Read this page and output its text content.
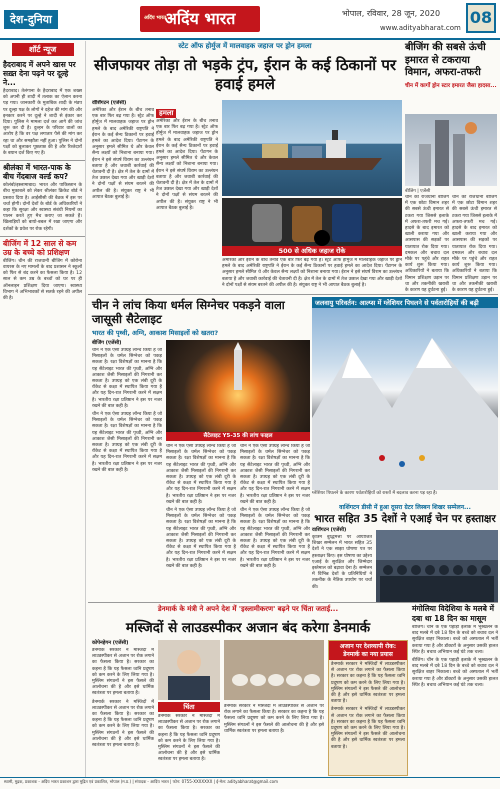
देश-दुनिया	अदिंय भारत
अदिंय भारत	भोपाल, रविवार, 28 जून, 2020
www.adityabharat.com
08
शॉर्ट न्यूज
हैदराबाद में अपने खास पर सख़्त देना पढ़ने पर दूल्हे ने...

हैदराबाद। तेलंगाना के हैदराबाद में एक शख्स को अपनी ही शादी में तलाक का ऐलान करना पड़ गया। जानकारी के मुताबिक शादी के मंडप पर दूल्हा पक्ष के लोगों ने दहेज की मांग की और इनकार करने पर दूल्हे ने शादी से इंकार कर दिया। पुलिस ने मामला दर्ज कर आगे की जांच शुरू कर दी है। दुल्हन के परिवार वालों का आरोप है कि वर पक्ष लगातार पैसे की मांग कर रहा था और समझौता नहीं हुआ। पुलिस ने दोनों पक्षों को बुलाकर पूछताछ की है और रिश्तेदारों के बयान दर्ज किए गए हैं।

श्रीलंका में भारत-पाक के बीच गेंदबाज वर्ल्ड कप?

कोलंबो/इस्लामाबाद। भारत और पाकिस्तान के बीच मुकाबले को लेकर श्रीलंका क्रिकेट बोर्ड ने प्रस्ताव दिया है। आईसीसी की बैठक में इस पर चर्चा होगी। दोनों देशों के बोर्ड के अधिकारियों ने कहा कि सुरक्षा और स्वास्थ्य संबंधी नियमों का पालन करते हुए मैच कराए जा सकते हैं। खिलाड़ियों को बायो-बबल में रखा जाएगा और दर्शकों के प्रवेश पर रोक रहेगी।

बीजिंग में 12 साल से कम उम्र के बच्चे को प्रशिक्षण

बीजिंग। चीन की राजधानी बीजिंग में कोरोना वायरस के नए मामलों के बाद प्रशासन ने स्कूलों को फिर से बंद करने का फैसला किया है। 12 साल से कम उम्र के बच्चों को घर पर ही ऑनलाइन प्रशिक्षण दिया जाएगा। स्वास्थ्य विभाग ने अभिभावकों से सतर्क रहने की अपील की है।

स्टेट ऑफ होर्मुज में मालवाहक जहाज पर ड्रोन हमला
सीजफायर तोड़ा तो भड़के ट्रंप, ईरान के कई ठिकानों पर हवाई हमले
वॉशिंगटन (एजेंसी)

अमेरिका और ईरान के बीच तनाव एक बार फिर बढ़ गया है। स्ट्रेट ऑफ होर्मुज में मालवाहक जहाज पर ड्रोन हमले के बाद अमेरिकी राष्ट्रपति ने ईरान के कई सैन्य ठिकानों पर हवाई हमले का आदेश दिया। पेंटागन के अनुसार हमले सीमित थे और केवल सैन्य लक्ष्यों को निशाना बनाया गया। ईरान ने इसे संघर्ष विराम का उल्लंघन बताया है और जवाबी कार्रवाई की चेतावनी दी है। क्षेत्र में तेल के दामों में तेज उछाल देखा गया और खाड़ी देशों ने दोनों पक्षों से संयम बरतने की अपील की है। संयुक्त राष्ट्र ने भी आपात बैठक बुलाई है।

हमला

अमेरिका और ईरान के बीच तनाव एक बार फिर बढ़ गया है। स्ट्रेट ऑफ होर्मुज में मालवाहक जहाज पर ड्रोन हमले के बाद अमेरिकी राष्ट्रपति ने ईरान के कई सैन्य ठिकानों पर हवाई हमले का आदेश दिया। पेंटागन के अनुसार हमले सीमित थे और केवल सैन्य लक्ष्यों को निशाना बनाया गया। ईरान ने इसे संघर्ष विराम का उल्लंघन बताया है और जवाबी कार्रवाई की चेतावनी दी है। क्षेत्र में तेल के दामों में तेज उछाल देखा गया और खाड़ी देशों ने दोनों पक्षों से संयम बरतने की अपील की है। संयुक्त राष्ट्र ने भी आपात बैठक बुलाई है।

500 से अधिक जहाज रोके

अमेरिका और ईरान के बीच तनाव एक बार फिर बढ़ गया है। स्ट्रेट ऑफ होर्मुज में मालवाहक जहाज पर ड्रोन हमले के बाद अमेरिकी राष्ट्रपति ने ईरान के कई सैन्य ठिकानों पर हवाई हमले का आदेश दिया। पेंटागन के अनुसार हमले सीमित थे और केवल सैन्य लक्ष्यों को निशाना बनाया गया। ईरान ने इसे संघर्ष विराम का उल्लंघन बताया है और जवाबी कार्रवाई की चेतावनी दी है। क्षेत्र में तेल के दामों में तेज उछाल देखा गया और खाड़ी देशों ने दोनों पक्षों से संयम बरतने की अपील की है। संयुक्त राष्ट्र ने भी आपात बैठक बुलाई है।

बीजिंग की सबसे ऊंची इमारत से टकराया विमान, अफरा-तफरी
चीन में कार्गो ड्रोन स्टार इमारत जैसा हादसा...
बीजिंग | एजेंसी

चीन की राजधानी बीजिंग में एक छोटा विमान शहर की सबसे ऊंची इमारत से टकरा गया जिससे इलाके में अफरा-तफरी मच गई। हादसे के बाद इमारत को खाली कराया गया और आसपास की सड़कों पर यातायात रोक दिया गया। दमकल और बचाव दल मौके पर पहुंचे और राहत कार्य शुरू किया गया। अधिकारियों ने बताया कि विमान प्रशिक्षण उड़ान पर था और तकनीकी खराबी के कारण यह दुर्घटना हुई।

चीन की राजधानी बीजिंग में एक छोटा विमान शहर की सबसे ऊंची इमारत से टकरा गया जिससे इलाके में अफरा-तफरी मच गई। हादसे के बाद इमारत को खाली कराया गया और आसपास की सड़कों पर यातायात रोक दिया गया। दमकल और बचाव दल मौके पर पहुंचे और राहत कार्य शुरू किया गया। अधिकारियों ने बताया कि विमान प्रशिक्षण उड़ान पर था और तकनीकी खराबी के कारण यह दुर्घटना हुई।

चीन ने लांच किया धर्मल सिग्नेचर पकड़ने वाला जासूसी सैटेलाइट
भारत की पृथ्वी, अग्नि, आकाश मिसाइलों को खतरा?
बीजिंग (एजेंसी)

चीन ने एक ऐसा उपग्रह लॉन्च किया है जो मिसाइलों के थर्मल सिग्नेचर को पकड़ सकता है। रक्षा विशेषज्ञों का मानना है कि यह सैटेलाइट भारत की पृथ्वी, अग्नि और आकाश जैसी मिसाइलों की निगरानी कर सकता है। उपग्रह को एक लंबी दूरी के रॉकेट से कक्षा में स्थापित किया गया है और यह दिन-रात निगरानी करने में सक्षम है। भारतीय रक्षा प्रतिष्ठान ने इस पर नजर रखने की बात कही है।

चीन ने एक ऐसा उपग्रह लॉन्च किया है जो मिसाइलों के थर्मल सिग्नेचर को पकड़ सकता है। रक्षा विशेषज्ञों का मानना है कि यह सैटेलाइट भारत की पृथ्वी, अग्नि और आकाश जैसी मिसाइलों की निगरानी कर सकता है। उपग्रह को एक लंबी दूरी के रॉकेट से कक्षा में स्थापित किया गया है और यह दिन-रात निगरानी करने में सक्षम है। भारतीय रक्षा प्रतिष्ठान ने इस पर नजर रखने की बात कही है।

सैटेलाइट Y5-35 की लांच फाइल

चीन ने एक ऐसा उपग्रह लॉन्च किया है जो मिसाइलों के थर्मल सिग्नेचर को पकड़ सकता है। रक्षा विशेषज्ञों का मानना है कि यह सैटेलाइट भारत की पृथ्वी, अग्नि और आकाश जैसी मिसाइलों की निगरानी कर सकता है। उपग्रह को एक लंबी दूरी के रॉकेट से कक्षा में स्थापित किया गया है और यह दिन-रात निगरानी करने में सक्षम है। भारतीय रक्षा प्रतिष्ठान ने इस पर नजर रखने की बात कही है।

चीन ने एक ऐसा उपग्रह लॉन्च किया है जो मिसाइलों के थर्मल सिग्नेचर को पकड़ सकता है। रक्षा विशेषज्ञों का मानना है कि यह सैटेलाइट भारत की पृथ्वी, अग्नि और आकाश जैसी मिसाइलों की निगरानी कर सकता है। उपग्रह को एक लंबी दूरी के रॉकेट से कक्षा में स्थापित किया गया है और यह दिन-रात निगरानी करने में सक्षम है। भारतीय रक्षा प्रतिष्ठान ने इस पर नजर रखने की बात कही है।

चीन ने एक ऐसा उपग्रह लॉन्च किया है जो मिसाइलों के थर्मल सिग्नेचर को पकड़ सकता है। रक्षा विशेषज्ञों का मानना है कि यह सैटेलाइट भारत की पृथ्वी, अग्नि और आकाश जैसी मिसाइलों की निगरानी कर सकता है। उपग्रह को एक लंबी दूरी के रॉकेट से कक्षा में स्थापित किया गया है और यह दिन-रात निगरानी करने में सक्षम है। भारतीय रक्षा प्रतिष्ठान ने इस पर नजर रखने की बात कही है।

चीन ने एक ऐसा उपग्रह लॉन्च किया है जो मिसाइलों के थर्मल सिग्नेचर को पकड़ सकता है। रक्षा विशेषज्ञों का मानना है कि यह सैटेलाइट भारत की पृथ्वी, अग्नि और आकाश जैसी मिसाइलों की निगरानी कर सकता है। उपग्रह को एक लंबी दूरी के रॉकेट से कक्षा में स्थापित किया गया है और यह दिन-रात निगरानी करने में सक्षम है। भारतीय रक्षा प्रतिष्ठान ने इस पर नजर रखने की बात कही है।

जलवायु परिवर्तन: आल्प्स में ग्लेशियर पिघलने से पर्वतारोहियों की बढ़ी
ग्लेशियर पिघलने के कारण पर्वतारोहियों को रास्तों में बदलाव करना पड़ रहा है।
वाशिंगटन डीसी में हुआ दूसरा ग्रेटर लिस्बन शिखर सम्मेलन...
भारत सहित 35 देशों ने एआई चेन पर हस्ताक्षर
वाशिंगटन (एजेंसी)

कृत्रिम बुद्धिमत्ता पर आयोजित शिखर सम्मेलन में भारत सहित 35 देशों ने एक साझा घोषणा पत्र पर हस्ताक्षर किए। इस घोषणा का उद्देश्य एआई के सुरक्षित और जिम्मेदार इस्तेमाल को बढ़ावा देना है। सम्मेलन में विभिन्न देशों के प्रतिनिधियों ने तकनीक के नैतिक उपयोग पर चर्चा की।

डेनमार्क के मंत्री ने अपने देश में 'इस्लामीकरण' बढ़ने पर चिंता जताई...
मस्जिदों से लाउडस्पीकर अजान बंद करेगा डेनमार्क
कोपेनहेगन (एजेंसी)

डेनमार्क सरकार ने मस्जिदों में लाउडस्पीकर से अजान पर रोक लगाने का फैसला किया है। सरकार का कहना है कि यह फैसला ध्वनि प्रदूषण को कम करने के लिए लिया गया है। मुस्लिम संगठनों ने इस फैसले की आलोचना की है और इसे धार्मिक स्वतंत्रता पर हमला बताया है।

डेनमार्क सरकार ने मस्जिदों में लाउडस्पीकर से अजान पर रोक लगाने का फैसला किया है। सरकार का कहना है कि यह फैसला ध्वनि प्रदूषण को कम करने के लिए लिया गया है। मुस्लिम संगठनों ने इस फैसले की आलोचना की है और इसे धार्मिक स्वतंत्रता पर हमला बताया है।

चिंता

डेनमार्क सरकार ने मस्जिदों में लाउडस्पीकर से अजान पर रोक लगाने का फैसला किया है। सरकार का कहना है कि यह फैसला ध्वनि प्रदूषण को कम करने के लिए लिया गया है। मुस्लिम संगठनों ने इस फैसले की आलोचना की है और इसे धार्मिक स्वतंत्रता पर हमला बताया है।

डेनमार्क सरकार ने मस्जिदों में लाउडस्पीकर से अजान पर रोक लगाने का फैसला किया है। सरकार का कहना है कि यह फैसला ध्वनि प्रदूषण को कम करने के लिए लिया गया है। मुस्लिम संगठनों ने इस फैसले की आलोचना की है और इसे धार्मिक स्वतंत्रता पर हमला बताया है।

अजान पर देशव्यापी रोक: डेनमार्क का नया प्रयास

डेनमार्क सरकार ने मस्जिदों में लाउडस्पीकर से अजान पर रोक लगाने का फैसला किया है। सरकार का कहना है कि यह फैसला ध्वनि प्रदूषण को कम करने के लिए लिया गया है। मुस्लिम संगठनों ने इस फैसले की आलोचना की है और इसे धार्मिक स्वतंत्रता पर हमला बताया है।

डेनमार्क सरकार ने मस्जिदों में लाउडस्पीकर से अजान पर रोक लगाने का फैसला किया है। सरकार का कहना है कि यह फैसला ध्वनि प्रदूषण को कम करने के लिए लिया गया है। मुस्लिम संगठनों ने इस फैसले की आलोचना की है और इसे धार्मिक स्वतंत्रता पर हमला बताया है।

मंगोलिया विदेशिया के मलबे में दबा था 18 दिन का मासूम

बीजिंग। चीन के एक पहाड़ी इलाके में भूस्खलन के बाद मलबे में दबे 18 दिन के बच्चे को बचाव दल ने सुरक्षित बाहर निकाला। बच्चे को अस्पताल में भर्ती कराया गया है और डॉक्टरों के अनुसार उसकी हालत स्थिर है। बचाव अभियान कई घंटे तक चला।

बीजिंग। चीन के एक पहाड़ी इलाके में भूस्खलन के बाद मलबे में दबे 18 दिन के बच्चे को बचाव दल ने सुरक्षित बाहर निकाला। बच्चे को अस्पताल में भर्ती कराया गया है और डॉक्टरों के अनुसार उसकी हालत स्थिर है। बचाव अभियान कई घंटे तक चला।

स्वामी, मुद्रक, प्रकाशक - अदिंय भारत प्रकाशन द्वारा मुद्रित एवं प्रकाशित, भोपाल (म.प्र.) | संपादक - आदिंय भारत | फोन: 0755-XXXXXXX | ई-मेल: adityabharat@gmail.com
